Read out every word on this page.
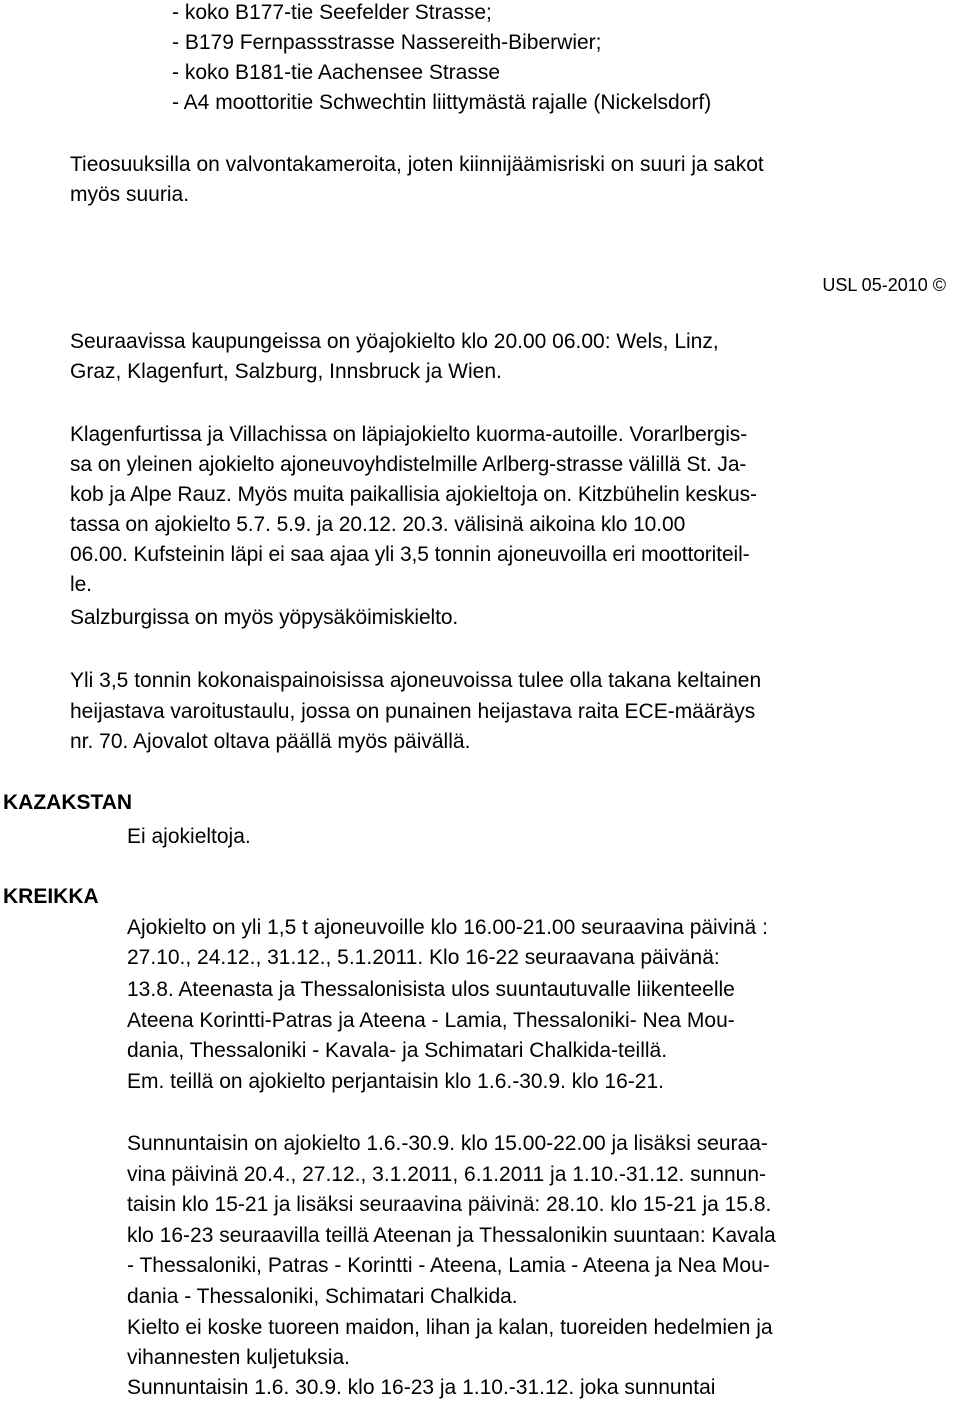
- koko B177-tie Seefelder Strasse;

- B179 Fernpassstrasse Nassereith-Biberwier;

- koko B181-tie Aachensee Strasse

- A4 moottoritie Schwechtin liittymästä rajalle (Nickelsdorf)

Tieosuuksilla on valvontakameroita, joten kiinnijäämisriski on suuri ja sakot

myös suuria.

USL 05-2010 ©

Seuraavissa kaupungeissa on yöajokielto klo 20.00 06.00: Wels, Linz,

Graz, Klagenfurt, Salzburg, Innsbruck ja Wien.

Klagenfurtissa ja Villachissa on läpiajokielto kuorma-autoille. Vorarlbergis-

sa on yleinen ajokielto ajoneuvoyhdistelmille Arlberg-strasse välillä St. Ja-

kob ja Alpe Rauz. Myös muita paikallisia ajokieltoja on. Kitzbühelin keskus-

tassa on ajokielto 5.7. 5.9. ja 20.12. 20.3. välisinä aikoina klo 10.00

06.00. Kufsteinin läpi ei saa ajaa yli 3,5 tonnin ajoneuvoilla eri moottoriteil-

le.

Salzburgissa on myös yöpysäköimiskielto.

Yli 3,5 tonnin kokonaispainoisissa ajoneuvoissa tulee olla takana keltainen

heijastava varoitustaulu, jossa on punainen heijastava raita ECE-määräys

nr. 70. Ajovalot oltava päällä myös päivällä.

KAZAKSTAN

Ei ajokieltoja.

KREIKKA

Ajokielto on yli 1,5 t ajoneuvoille klo 16.00-21.00 seuraavina päivinä :

27.10., 24.12., 31.12., 5.1.2011. Klo 16-22 seuraavana päivänä:

13.8. Ateenasta ja Thessalonisista ulos suuntautuvalle liikenteelle

Ateena Korintti-Patras ja Ateena - Lamia, Thessaloniki- Nea Mou-

dania, Thessaloniki - Kavala- ja Schimatari Chalkida-teillä.

Em. teillä on ajokielto perjantaisin klo 1.6.-30.9. klo 16-21.

Sunnuntaisin on ajokielto 1.6.-30.9. klo 15.00-22.00 ja lisäksi seuraa-

vina päivinä 20.4., 27.12., 3.1.2011, 6.1.2011 ja 1.10.-31.12. sunnun-

taisin klo 15-21 ja lisäksi seuraavina päivinä: 28.10. klo 15-21 ja 15.8.

klo 16-23 seuraavilla teillä Ateenan ja Thessalonikin suuntaan: Kavala

- Thessaloniki, Patras - Korintti - Ateena, Lamia - Ateena ja Nea Mou-

dania - Thessaloniki, Schimatari Chalkida.

Kielto ei koske tuoreen maidon, lihan ja kalan, tuoreiden hedelmien ja

vihannesten kuljetuksia.

Sunnuntaisin 1.6. 30.9. klo 16-23 ja 1.10.-31.12. joka sunnuntai
